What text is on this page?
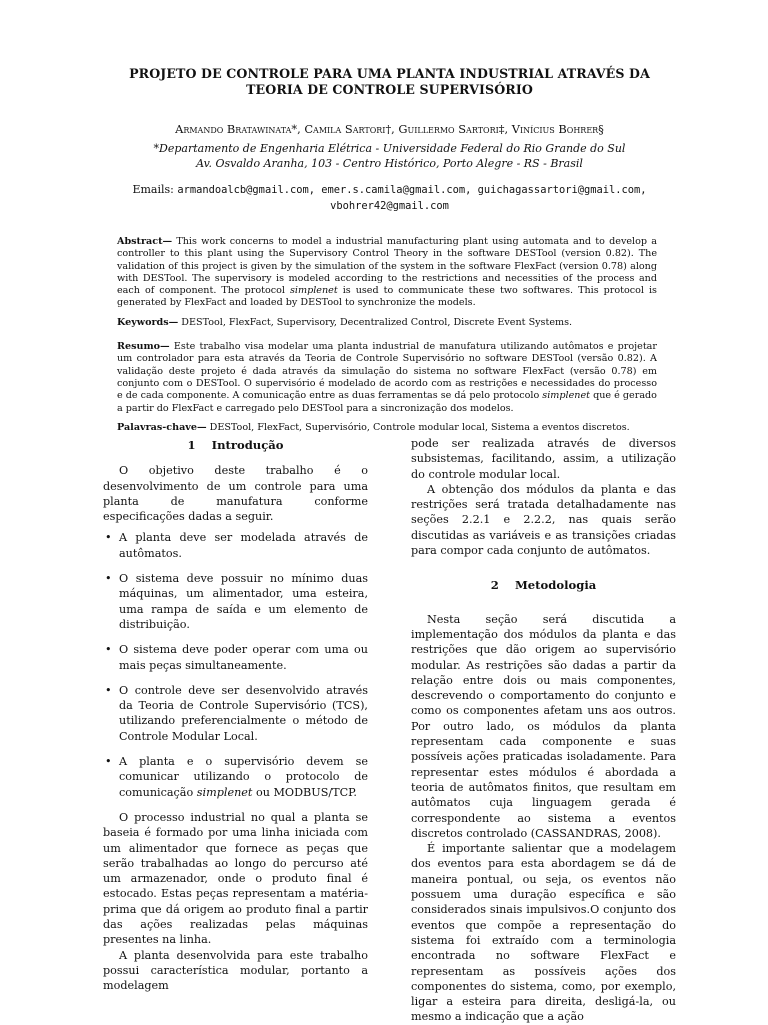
PROJETO DE CONTROLE PARA UMA PLANTA INDUSTRIAL ATRAVÉS DA
TEORIA DE CONTROLE SUPERVISÓRIO
Armando Bratawinata*, Camila Sartori†, Guillermo Sartori‡, Vinícius Bohrer§
*Departamento de Engenharia Elétrica - Universidade Federal do Rio Grande do Sul
Av. Osvaldo Aranha, 103 - Centro Histórico, Porto Alegre - RS - Brasil
Emails: armandoalcb@gmail.com, emer.s.camila@gmail.com, guichagassartori@gmail.com,
vbohrer42@gmail.com
Abstract— This work concerns to model a industrial manufacturing plant using automata and to develop a controller to this plant using the Supervisory Control Theory in the software DESTool (version 0.82). The validation of this project is given by the simulation of the system in the software FlexFact (version 0.78) along with DESTool. The supervisory is modeled according to the restrictions and necessities of the process and each of component. The protocol simplenet is used to communicate these two softwares. This protocol is generated by FlexFact and loaded by DESTool to synchronize the models.
Keywords— DESTool, FlexFact, Supervisory, Decentralized Control, Discrete Event Systems.
Resumo— Este trabalho visa modelar uma planta industrial de manufatura utilizando autômatos e projetar um controlador para esta através da Teoria de Controle Supervisório no software DESTool (versão 0.82). A validação deste projeto é dada através da simulação do sistema no software FlexFact (versão 0.78) em conjunto com o DESTool. O supervisório é modelado de acordo com as restrições e necessidades do processo e de cada componente. A comunicação entre as duas ferramentas se dá pelo protocolo simplenet que é gerado a partir do FlexFact e carregado pelo DESTool para a sincronização dos modelos.
Palavras-chave— DESTool, FlexFact, Supervisório, Controle modular local, Sistema a eventos discretos.
1    Introdução

O objetivo deste trabalho é o desenvolvimento de um controle para uma planta de manufatura conforme especificações dadas a seguir.

• A planta deve ser modelada através de autômatos.
• O sistema deve possuir no mínimo duas máquinas, um alimentador, uma esteira, uma rampa de saída e um elemento de distribuição.
• O sistema deve poder operar com uma ou mais peças simultaneamente.
• O controle deve ser desenvolvido através da Teoria de Controle Supervisório (TCS), utilizando preferencialmente o método de Controle Modular Local.
• A planta e o supervisório devem se comunicar utilizando o protocolo de comunicação simplenet ou MODBUS/TCP.

O processo industrial no qual a planta se baseia é formado por uma linha iniciada com um alimentador que fornece as peças que serão trabalhadas ao longo do percurso até um armazenador, onde o produto final é estocado. Estas peças representam a matéria-prima que dá origem ao produto final a partir das ações realizadas pelas máquinas presentes na linha.

A planta desenvolvida para este trabalho possui característica modular, portanto a modelagem

pode ser realizada através de diversos subsistemas, facilitando, assim, a utilização do controle modular local.

A obtenção dos módulos da planta e das restrições será tratada detalhadamente nas seções 2.2.1 e 2.2.2, nas quais serão discutidas as variáveis e as transições criadas para compor cada conjunto de autômatos.

2    Metodologia

Nesta seção será discutida a implementação dos módulos da planta e das restrições que dão origem ao supervisório modular. As restrições são dadas a partir da relação entre dois ou mais componentes, descrevendo o comportamento do conjunto e como os componentes afetam uns aos outros. Por outro lado, os módulos da planta representam cada componente e suas possíveis ações praticadas isoladamente. Para representar estes módulos é abordada a teoria de autômatos finitos, que resultam em autômatos cuja linguagem gerada é correspondente ao sistema a eventos discretos controlado (CASSANDRAS, 2008).

É importante salientar que a modelagem dos eventos para esta abordagem se dá de maneira pontual, ou seja, os eventos não possuem uma duração específica e são considerados sinais impulsivos.O conjunto dos eventos que compõe a representação do sistema foi extraído com a terminologia encontrada no software FlexFact e representam as possíveis ações dos componentes do sistema, como, por exemplo, ligar a esteira para direita, desligá-la, ou mesmo a indicação que a ação
